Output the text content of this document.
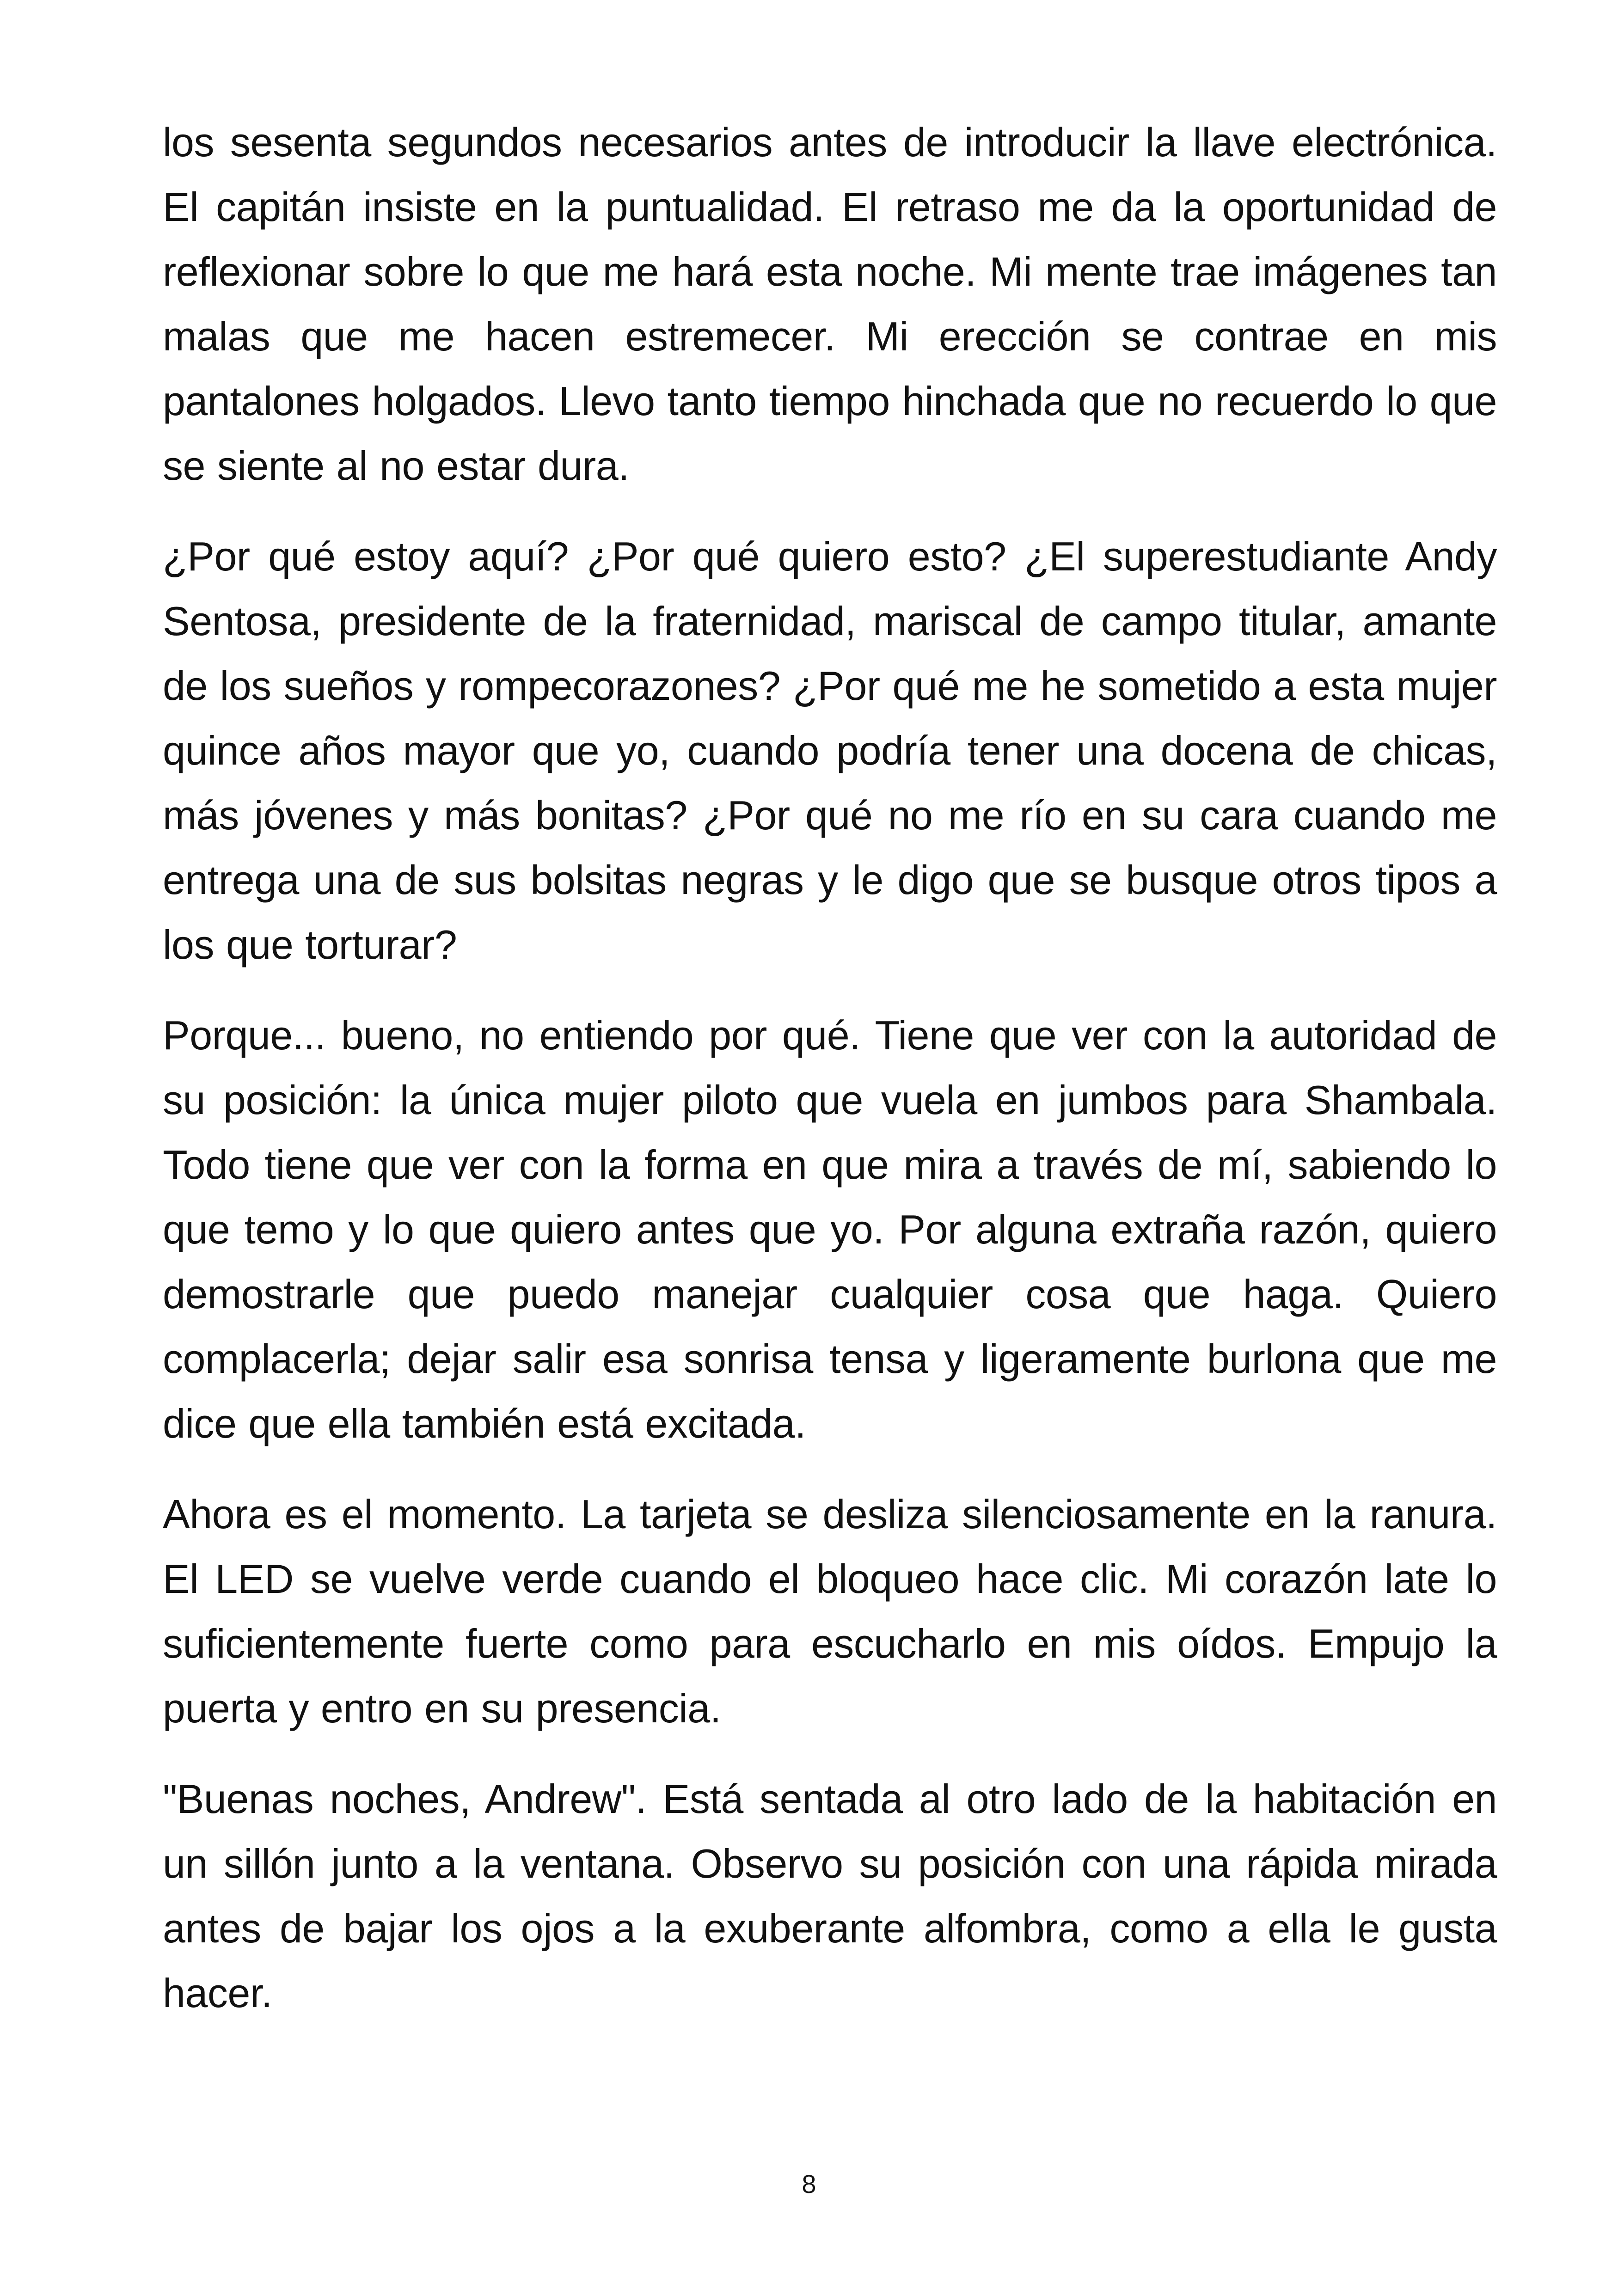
los sesenta segundos necesarios antes de introducir la llave electrónica. El capitán insiste en la puntualidad. El retraso me da la oportunidad de reflexionar sobre lo que me hará esta noche. Mi mente trae imágenes tan malas que me hacen estremecer. Mi erección se contrae en mis pantalones holgados. Llevo tanto tiempo hinchada que no recuerdo lo que se siente al no estar dura.

¿Por qué estoy aquí? ¿Por qué quiero esto? ¿El superestudiante Andy Sentosa, presidente de la fraternidad, mariscal de campo titular, amante de los sueños y rompecorazones? ¿Por qué me he sometido a esta mujer quince años mayor que yo, cuando podría tener una docena de chicas, más jóvenes y más bonitas? ¿Por qué no me río en su cara cuando me entrega una de sus bolsitas negras y le digo que se busque otros tipos a los que torturar?

Porque... bueno, no entiendo por qué. Tiene que ver con la autoridad de su posición: la única mujer piloto que vuela en jumbos para Shambala. Todo tiene que ver con la forma en que mira a través de mí, sabiendo lo que temo y lo que quiero antes que yo. Por alguna extraña razón, quiero demostrarle que puedo manejar cualquier cosa que haga. Quiero complacerla; dejar salir esa sonrisa tensa y ligeramente burlona que me dice que ella también está excitada.

Ahora es el momento. La tarjeta se desliza silenciosamente en la ranura. El LED se vuelve verde cuando el bloqueo hace clic. Mi corazón late lo suficientemente fuerte como para escucharlo en mis oídos. Empujo la puerta y entro en su presencia.

"Buenas noches, Andrew". Está sentada al otro lado de la habitación en un sillón junto a la ventana. Observo su posición con una rápida mirada antes de bajar los ojos a la exuberante alfombra, como a ella le gusta hacer.

8
